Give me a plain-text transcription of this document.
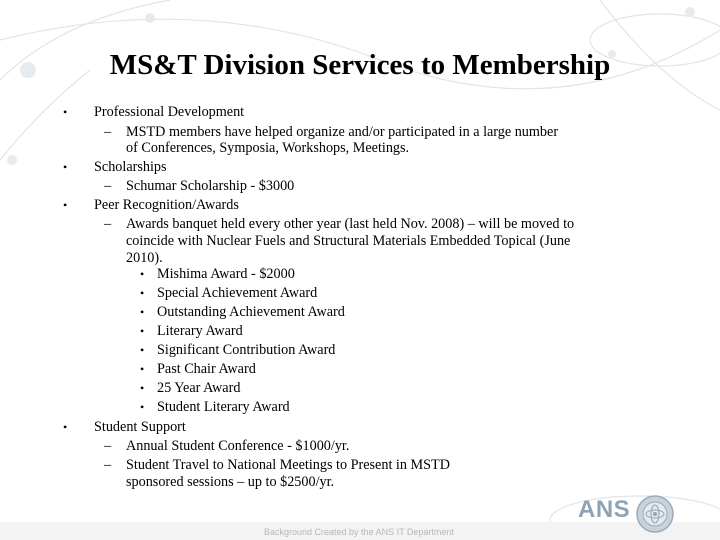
MS&T Division Services to Membership
• Professional Development
– MSTD members have helped organize and/or participated in a large number
of Conferences, Symposia, Workshops, Meetings.
• Scholarships
– Schumar Scholarship - $3000
• Peer Recognition/Awards
– Awards banquet held every other year (last held Nov. 2008) – will be moved to
coincide with Nuclear Fuels and Structural Materials Embedded Topical (June
2010).
• Mishima Award - $2000
• Special Achievement Award
• Outstanding Achievement Award
• Literary Award
• Significant Contribution Award
• Past Chair Award
• 25 Year Award
• Student Literary Award
• Student Support
– Annual Student Conference - $1000/yr.
– Student Travel to National Meetings to Present in MSTD
sponsored sessions – up to $2500/yr.
Background Created by the ANS IT Department
ANS
